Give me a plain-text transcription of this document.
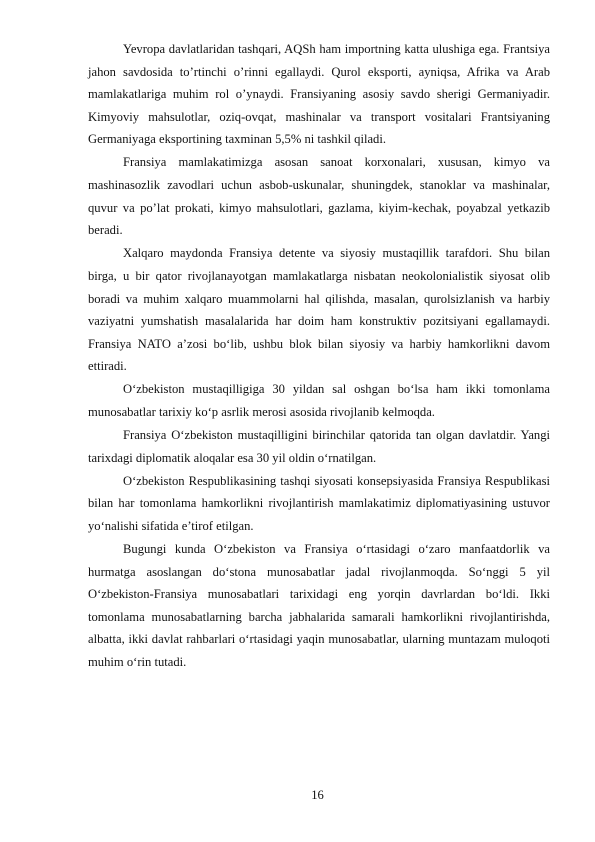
Yevropa davlatlaridan tashqari, AQSh ham importning katta ulushiga ega. Frantsiya jahon savdosida to’rtinchi o’rinni egallaydi. Qurol eksporti, ayniqsa, Afrika va Arab mamlakatlariga muhim rol o’ynaydi. Fransiyaning asosiy savdo sherigi Germaniyadir. Kimyoviy mahsulotlar, oziq-ovqat, mashinalar va transport vositalari Frantsiyaning Germaniyaga eksportining taxminan 5,5% ni tashkil qiladi.

Fransiya mamlakatimizga asosan sanoat korxonalari, xususan, kimyo va mashinasozlik zavodlari uchun asbob-uskunalar, shuningdek, stanoklar va mashinalar, quvur va po’lat prokati, kimyo mahsulotlari, gazlama, kiyim-kechak, poyabzal yetkazib beradi.

Xalqaro maydonda Fransiya detente va siyosiy mustaqillik tarafdori. Shu bilan birga, u bir qator rivojlanayotgan mamlakatlarga nisbatan neokolonialistik siyosat olib boradi va muhim xalqaro muammolarni hal qilishda, masalan, qurolsizlanish va harbiy vaziyatni yumshatish masalalarida har doim ham konstruktiv pozitsiyani egallamaydi. Fransiya NATO a’zosi bo‘lib, ushbu blok bilan siyosiy va harbiy hamkorlikni davom ettiradi.

O‘zbekiston mustaqilligiga 30 yildan sal oshgan bo‘lsa ham ikki tomonlama munosabatlar tarixiy ko‘p asrlik merosi asosida rivojlanib kelmoqda.

Fransiya O‘zbekiston mustaqilligini birinchilar qatorida tan olgan davlatdir. Yangi tarixdagi diplomatik aloqalar esa 30 yil oldin o‘rnatilgan.

O‘zbekiston Respublikasining tashqi siyosati konsepsiyasida Fransiya Respublikasi bilan har tomonlama hamkorlikni rivojlantirish mamlakatimiz diplomatiyasining ustuvor yo‘nalishi sifatida e’tirof etilgan.

Bugungi kunda O‘zbekiston va Fransiya o‘rtasidagi o‘zaro manfaatdorlik va hurmatga asoslangan do‘stona munosabatlar jadal rivojlanmoqda. So‘nggi 5 yil O‘zbekiston-Fransiya munosabatlari tarixidagi eng yorqin davrlardan bo‘ldi. Ikki tomonlama munosabatlarning barcha jabhalarida samarali hamkorlikni rivojlantirishda, albatta, ikki davlat rahbarlari o‘rtasidagi yaqin munosabatlar, ularning muntazam muloqoti muhim o‘rin tutadi.

16
